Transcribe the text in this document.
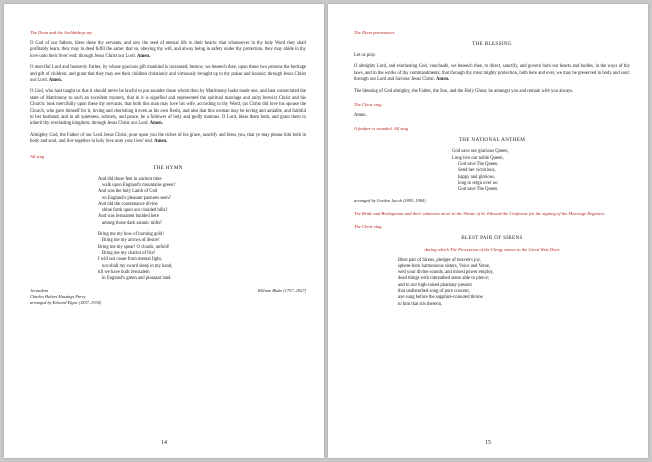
The Dean and the Archbishop say

O God of our fathers, bless these thy servants, and sow the seed of eternal life in their hearts: that whatsoever in thy holy Word they shall profitably learn, they may in deed fulfil the same: that so, obeying thy will, and alway being in safety under thy protection, they may abide in thy love unto their lives' end; through Jesus Christ our Lord. Amen.

O merciful Lord and heavenly Father, by whose gracious gift mankind is increased; bestow, we beseech thee, upon these two persons the heritage and gift of children; and grant that they may see their children christianly and virtuously brought up to thy praise and honour; through Jesus Christ our Lord. Amen.

O God, who hast taught us that it should never be lawful to put asunder those whom thou by Matrimony hadst made one, and hast consecrated the state of Matrimony to such an excellent mystery, that in it is signified and represented the spiritual marriage and unity betwixt Christ and his Church: look mercifully upon these thy servants, that both this man may love his wife, according to thy Word, (as Christ did love his spouse the Church, who gave himself for it, loving and cherishing it even as his own flesh), and also that this woman may be loving and amiable, and faithful to her husband, and in all quietness, sobriety, and peace, be a follower of holy and godly matrons. O Lord, bless them both, and grant them to inherit thy everlasting kingdom; through Jesus Christ our Lord. Amen.

Almighty God, the Father of our Lord Jesus Christ, pour upon you the riches of his grace, sanctify and bless you, that ye may please him both in body and soul, and live together in holy love unto your lives' end. Amen.

All sing

THE HYMN
And did those feet in ancient time
walk upon England's mountains green?
And was the holy Lamb of God
on England's pleasant pastures seen?
And did the countenance divine
shine forth upon our clouded hills?
And was Jerusalem builded here
among those dark satanic mills?
Bring me my bow of burning gold!
Bring me my arrows of desire!
Bring me my spear! O clouds, unfold!
Bring me my chariot of fire!
I will not cease from mental fight,
nor shall my sword sleep in my hand,
till we have built Jerusalem
in England's green and pleasant land.
Jerusalem
Charles Hubert Hastings Parry
arranged by Edward Elgar (1857–1934)
William Blake (1757–1827)
14

The Dean pronounces

THE BLESSING

Let us pray.

O almighty Lord, and everlasting God, vouchsafe, we beseech thee, to direct, sanctify, and govern both our hearts and bodies, in the ways of thy laws, and in the works of thy commandments; that through thy most mighty protection, both here and ever, we may be preserved in body and soul; through our Lord and Saviour Jesus Christ. Amen.

The blessing of God almighty, the Father, the Son, and the Holy Ghost, be amongst you and remain with you always.

The Choir sing

Amen.

A fanfare is sounded. All sing

THE NATIONAL ANTHEM
God save our gracious Queen,
Long live our noble Queen,
God save The Queen.
Send her victorious,
happy and glorious,
long to reign over us:
God save The Queen.
arranged by Gordon Jacob (1895–1984)

The Bride and Bridegroom and their witnesses move to the Shrine of St. Edward the Confessor for the signing of the Marriage Registers.

The Choir sing

BLEST PAIR OF SIRENS

during which The Procession of the Clergy moves to the Great West Door

Blest pair of Sirens, pledges of heaven's joy,
sphere-born harmonious sisters, Voice and Verse,
wed your divine sounds, and mixed power employ,
dead things with inbreathed sense able to pierce;
and to our high-raised phantasy present
that undisturbed song of pure concent,
aye sung before the sapphire-coloured throne
to him that sits thereon,
15
